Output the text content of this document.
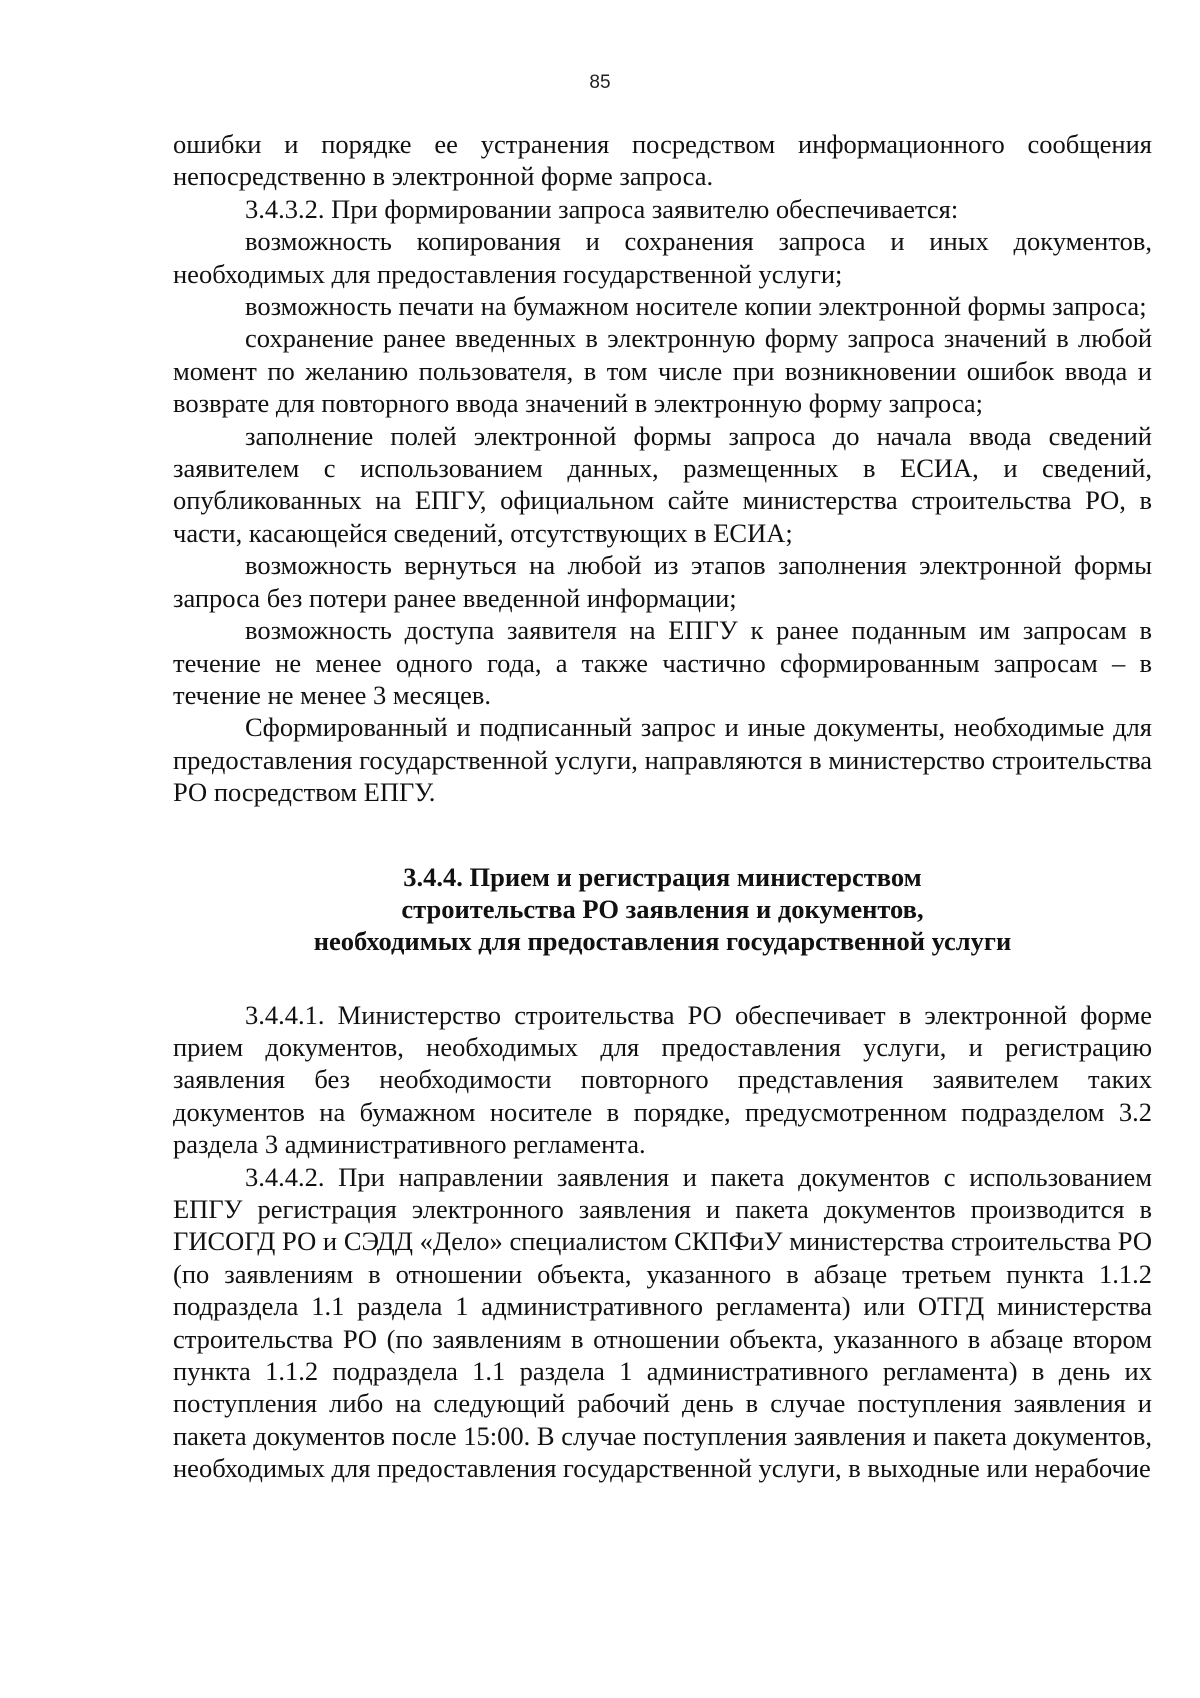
85

ошибки и порядке ее устранения посредством информационного сообщения непосредственно в электронной форме запроса.

3.4.3.2. При формировании запроса заявителю обеспечивается:

возможность копирования и сохранения запроса и иных документов, необходимых для предоставления государственной услуги;

возможность печати на бумажном носителе копии электронной формы запроса;

сохранение ранее введенных в электронную форму запроса значений в любой момент по желанию пользователя, в том числе при возникновении ошибок ввода и возврате для повторного ввода значений в электронную форму запроса;

заполнение полей электронной формы запроса до начала ввода сведений заявителем с использованием данных, размещенных в ЕСИА, и сведений, опубликованных на ЕПГУ, официальном сайте министерства строительства РО, в части, касающейся сведений, отсутствующих в ЕСИА;

возможность вернуться на любой из этапов заполнения электронной формы запроса без потери ранее введенной информации;

возможность доступа заявителя на ЕПГУ к ранее поданным им запросам в течение не менее одного года, а также частично сформированным запросам – в течение не менее 3 месяцев.

Сформированный и подписанный запрос и иные документы, необходимые для предоставления государственной услуги, направляются в министерство строительства РО посредством ЕПГУ.

3.4.4. Прием и регистрация министерством
строительства РО заявления и документов,
необходимых для предоставления государственной услуги

3.4.4.1. Министерство строительства РО обеспечивает в электронной форме прием документов, необходимых для предоставления услуги, и регистрацию заявления без необходимости повторного представления заявителем таких документов на бумажном носителе в порядке, предусмотренном подразделом 3.2 раздела 3 административного регламента.

3.4.4.2. При направлении заявления и пакета документов с использованием ЕПГУ регистрация электронного заявления и пакета документов производится в ГИСОГД РО и СЭДД «Дело» специалистом СКПФиУ министерства строительства РО (по заявлениям в отношении объекта, указанного в абзаце третьем пункта 1.1.2 подраздела 1.1 раздела 1 административного регламента) или ОТГД министерства строительства РО (по заявлениям в отношении объекта, указанного в абзаце втором пункта 1.1.2 подраздела 1.1 раздела 1 административного регламента) в день их поступления либо на следующий рабочий день в случае поступления заявления и пакета документов после 15:00. В случае поступления заявления и пакета документов, необходимых для предоставления государственной услуги, в выходные или нерабочие
